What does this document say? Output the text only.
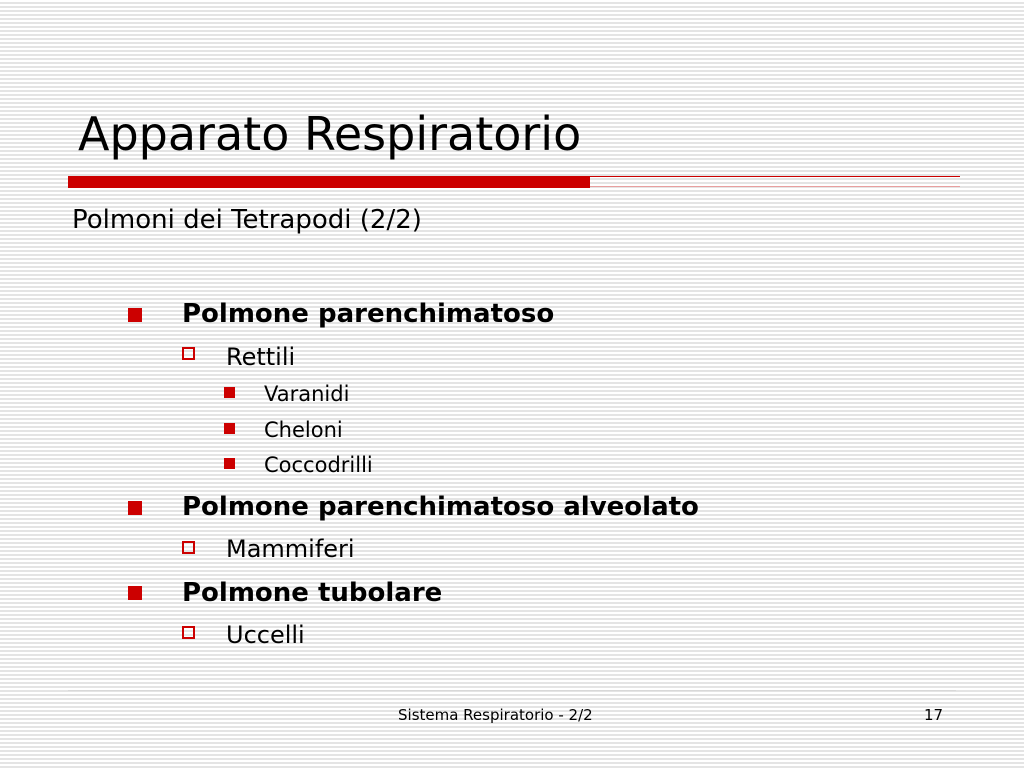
Apparato Respiratorio
Polmoni dei Tetrapodi (2/2)
Polmone parenchimatoso
Rettili
Varanidi
Cheloni
Coccodrilli
Polmone parenchimatoso alveolato
Mammiferi
Polmone tubolare
Uccelli
Sistema Respiratorio - 2/2	17
